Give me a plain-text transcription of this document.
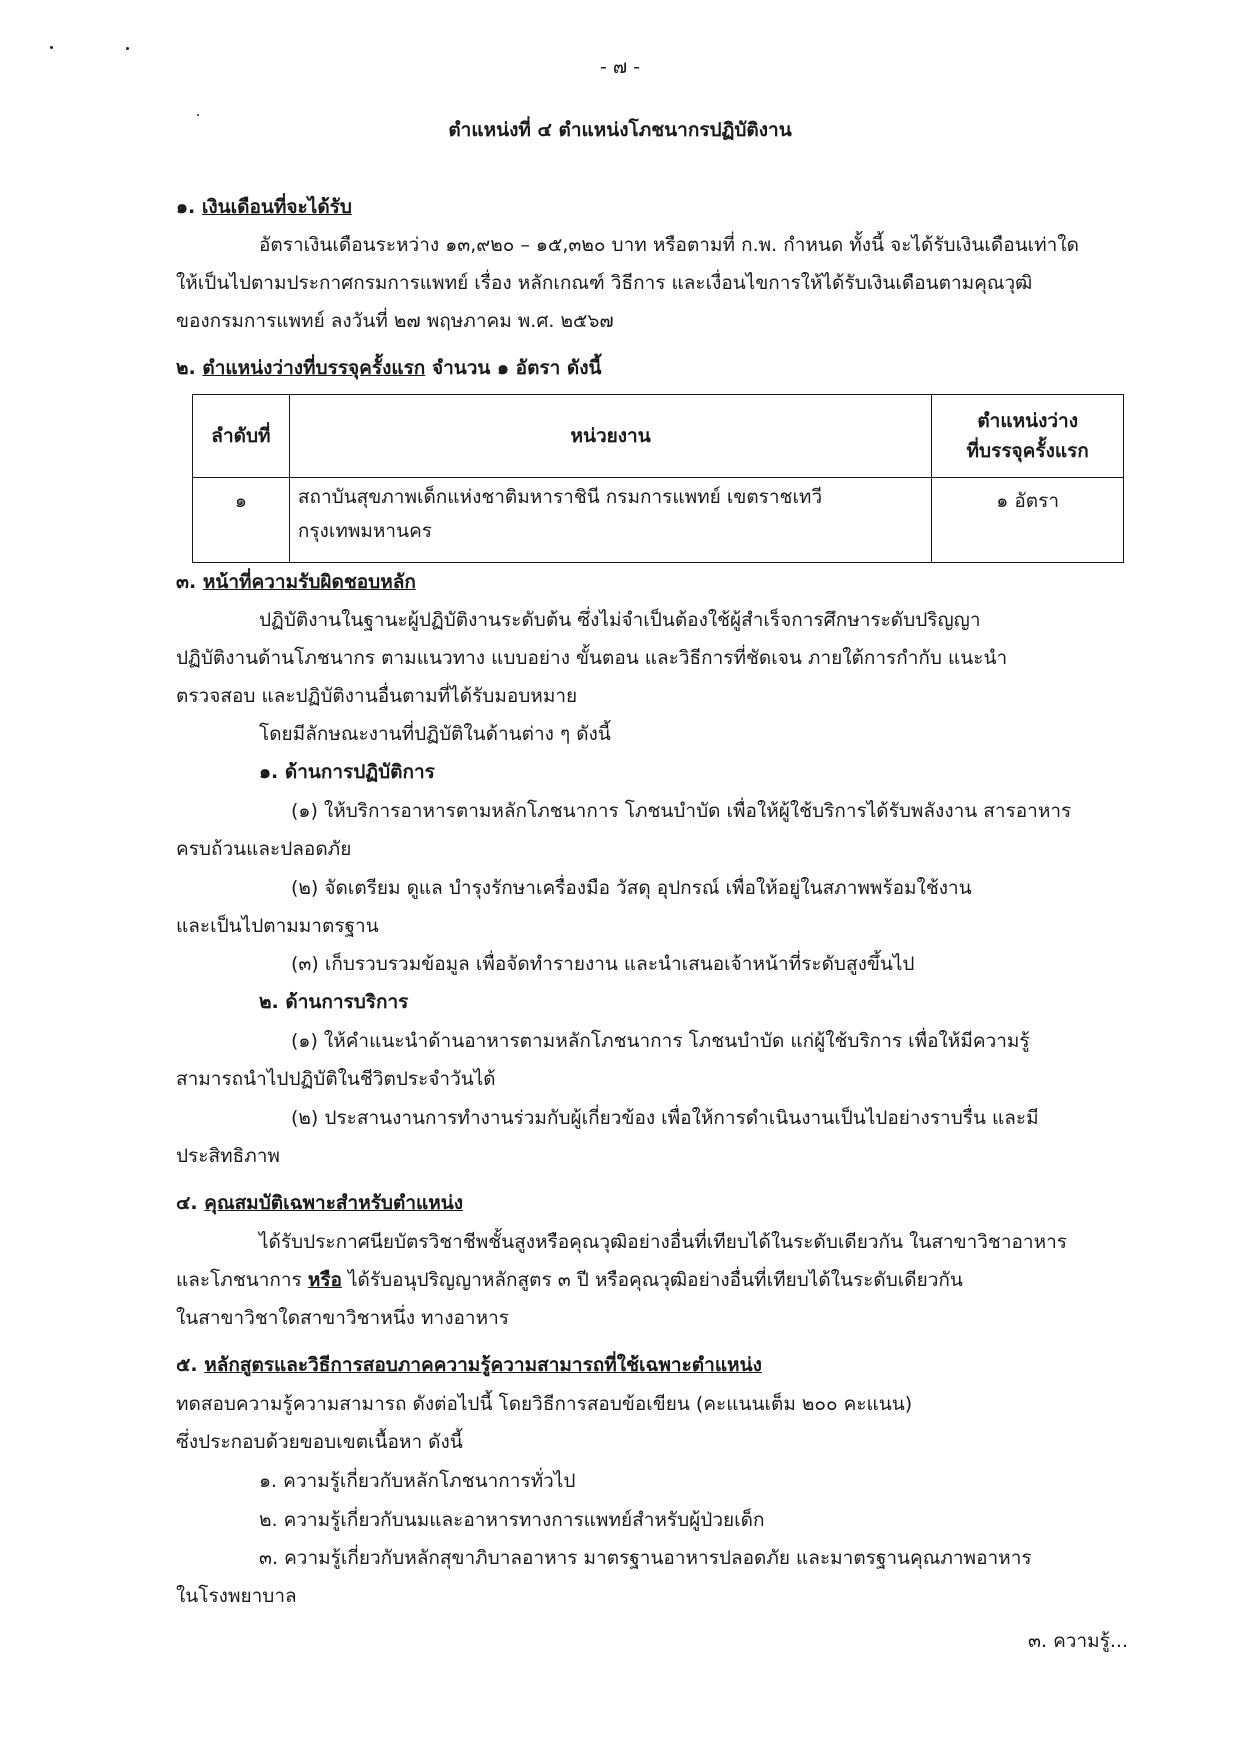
- ๗ -
ตำแหน่งที่ ๔ ตำแหน่งโภชนากรปฏิบัติงาน
๑. เงินเดือนที่จะได้รับ
อัตราเงินเดือนระหว่าง ๑๓,๙๒๐ – ๑๕,๓๒๐ บาท หรือตามที่ ก.พ. กำหนด ทั้งนี้ จะได้รับเงินเดือนเท่าใด
ให้เป็นไปตามประกาศกรมการแพทย์ เรื่อง หลักเกณฑ์ วิธีการ และเงื่อนไขการให้ได้รับเงินเดือนตามคุณวุฒิ
ของกรมการแพทย์ ลงวันที่ ๒๗ พฤษภาคม พ.ศ. ๒๕๖๗
๒. ตำแหน่งว่างที่บรรจุครั้งแรก จำนวน ๑ อัตรา ดังนี้
ลำดับที่	หน่วยงาน	ตำแหน่งว่าง
ที่บรรจุครั้งแรก

๑	สถาบันสุขภาพเด็กแห่งชาติมหาราชินี กรมการแพทย์ เขตราชเทวี
กรุงเทพมหานคร	๑ อัตรา
๓. หน้าที่ความรับผิดชอบหลัก
ปฏิบัติงานในฐานะผู้ปฏิบัติงานระดับต้น ซึ่งไม่จำเป็นต้องใช้ผู้สำเร็จการศึกษาระดับปริญญา
ปฏิบัติงานด้านโภชนากร ตามแนวทาง แบบอย่าง ขั้นตอน และวิธีการที่ชัดเจน ภายใต้การกำกับ แนะนำ
ตรวจสอบ และปฏิบัติงานอื่นตามที่ได้รับมอบหมาย
โดยมีลักษณะงานที่ปฏิบัติในด้านต่าง ๆ ดังนี้
๑. ด้านการปฏิบัติการ
(๑) ให้บริการอาหารตามหลักโภชนาการ โภชนบำบัด เพื่อให้ผู้ใช้บริการได้รับพลังงาน สารอาหาร
ครบถ้วนและปลอดภัย
(๒) จัดเตรียม ดูแล บำรุงรักษาเครื่องมือ วัสดุ อุปกรณ์ เพื่อให้อยู่ในสภาพพร้อมใช้งาน
และเป็นไปตามมาตรฐาน
(๓) เก็บรวบรวมข้อมูล เพื่อจัดทำรายงาน และนำเสนอเจ้าหน้าที่ระดับสูงขึ้นไป
๒. ด้านการบริการ
(๑) ให้คำแนะนำด้านอาหารตามหลักโภชนาการ โภชนบำบัด แก่ผู้ใช้บริการ เพื่อให้มีความรู้
สามารถนำไปปฏิบัติในชีวิตประจำวันได้
(๒) ประสานงานการทำงานร่วมกับผู้เกี่ยวข้อง เพื่อให้การดำเนินงานเป็นไปอย่างราบรื่น และมี
ประสิทธิภาพ
๔. คุณสมบัติเฉพาะสำหรับตำแหน่ง
ได้รับประกาศนียบัตรวิชาชีพชั้นสูงหรือคุณวุฒิอย่างอื่นที่เทียบได้ในระดับเดียวกัน ในสาขาวิชาอาหาร
และโภชนาการ หรือ ได้รับอนุปริญญาหลักสูตร ๓ ปี หรือคุณวุฒิอย่างอื่นที่เทียบได้ในระดับเดียวกัน
ในสาขาวิชาใดสาขาวิชาหนึ่ง ทางอาหาร
๕. หลักสูตรและวิธีการสอบภาคความรู้ความสามารถที่ใช้เฉพาะตำแหน่ง
ทดสอบความรู้ความสามารถ ดังต่อไปนี้ โดยวิธีการสอบข้อเขียน (คะแนนเต็ม ๒๐๐ คะแนน)
ซึ่งประกอบด้วยขอบเขตเนื้อหา ดังนี้
๑. ความรู้เกี่ยวกับหลักโภชนาการทั่วไป
๒. ความรู้เกี่ยวกับนมและอาหารทางการแพทย์สำหรับผู้ป่วยเด็ก
๓. ความรู้เกี่ยวกับหลักสุขาภิบาลอาหาร มาตรฐานอาหารปลอดภัย และมาตรฐานคุณภาพอาหาร
ในโรงพยาบาล
๓. ความรู้...
